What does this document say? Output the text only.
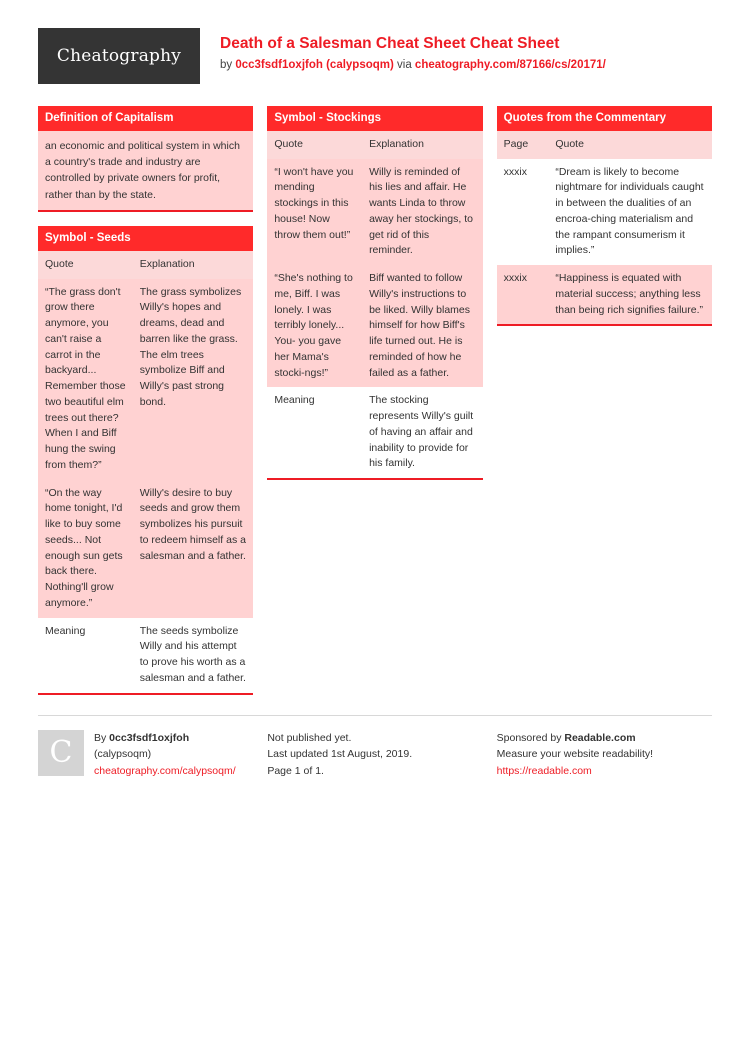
Cheatography
Death of a Salesman Cheat Sheet Cheat Sheet
by 0cc3fsdf1oxjfoh (calypsoqm) via cheatography.com/87166/cs/20171/
Definition of Capitalism
an economic and political system in which a country's trade and industry are controlled by private owners for profit, rather than by the state.
Symbol - Seeds
Quote	Explanation
“The grass don't grow there anymore, you can't raise a carrot in the backyard... Remember those two beautiful elm trees out there? When I and Biff hung the swing from them?”	The grass symbolizes Willy's hopes and dreams, dead and barren like the grass. The elm trees symbolize Biff and Willy's past strong bond.
“On the way home tonight, I'd like to buy some seeds... Not enough sun gets back there. Nothing'll grow anymore.”	Willy's desire to buy seeds and grow them symbolizes his pursuit to redeem himself as a salesman and a father.
Meaning	The seeds symbolize Willy and his attempt to prove his worth as a salesman and a father.
Symbol - Stockings
Quote	Explanation
“I won't have you mending stockings in this house! Now throw them out!”	Willy is reminded of his lies and affair. He wants Linda to throw away her stockings, to get rid of this reminder.
“She's nothing to me, Biff. I was lonely. I was terribly lonely... You- you gave her Mama's stocki-ngs!”	Biff wanted to follow Willy's instructions to be liked. Willy blames himself for how Biff's life turned out. He is reminded of how he failed as a father.
Meaning	The stocking represents Willy's guilt of having an affair and inability to provide for his family.
Quotes from the Commentary
Page	Quote
xxxix	“Dream is likely to become nightmare for individuals caught in between the dualities of an encroa-ching materialism and the rampant consumerism it implies.”
xxxix	“Happiness is equated with material success; anything less than being rich signifies failure.”
C	By 0cc3fsdf1oxjfoh
(calypsoqm)
cheatography.com/calypsoqm/
Not published yet.
Last updated 1st August, 2019.
Page 1 of 1.
Sponsored by Readable.com
Measure your website readability!
https://readable.com
